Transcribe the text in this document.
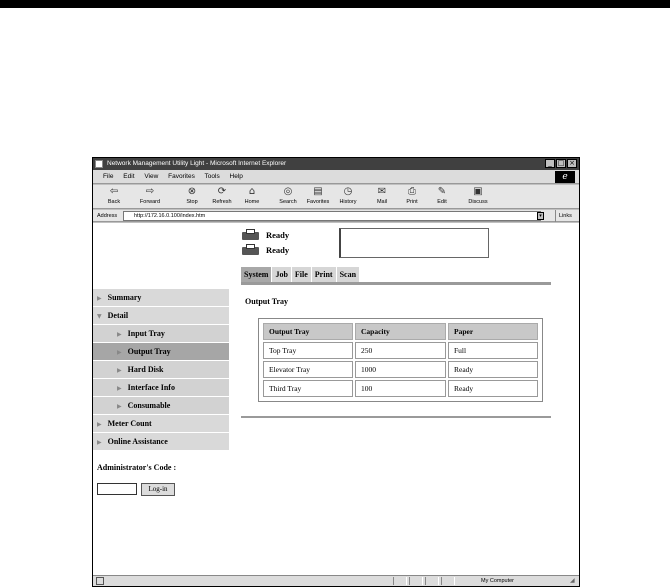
Network Management Utility Light - Microsoft Internet Explorer	_ □ ×
File Edit View Favorites Tools Help	e
⇦
Back
⇨
Forward
⊗
Stop
⟳
Refresh
⌂
Home
◎
Search
▤
Favorites
◷
History
✉
Mail
⎙
Print
✎
Edit
▣
Discuss
Address	http://172.16.0.100/index.htm	▾	Links
Ready
Ready
System Job File Print Scan
▶ Summary
▼ Detail
▶ Input Tray
▶ Output Tray
▶ Hard Disk
▶ Interface Info
▶ Consumable
▶ Meter Count
▶ Online Assistance
Administrator's Code :
Log-in
Output Tray
Output Tray	Capacity	Paper
Top Tray	250	Full
Elevator Tray	1000	Ready
Third Tray	100	Ready
My Computer	◢
